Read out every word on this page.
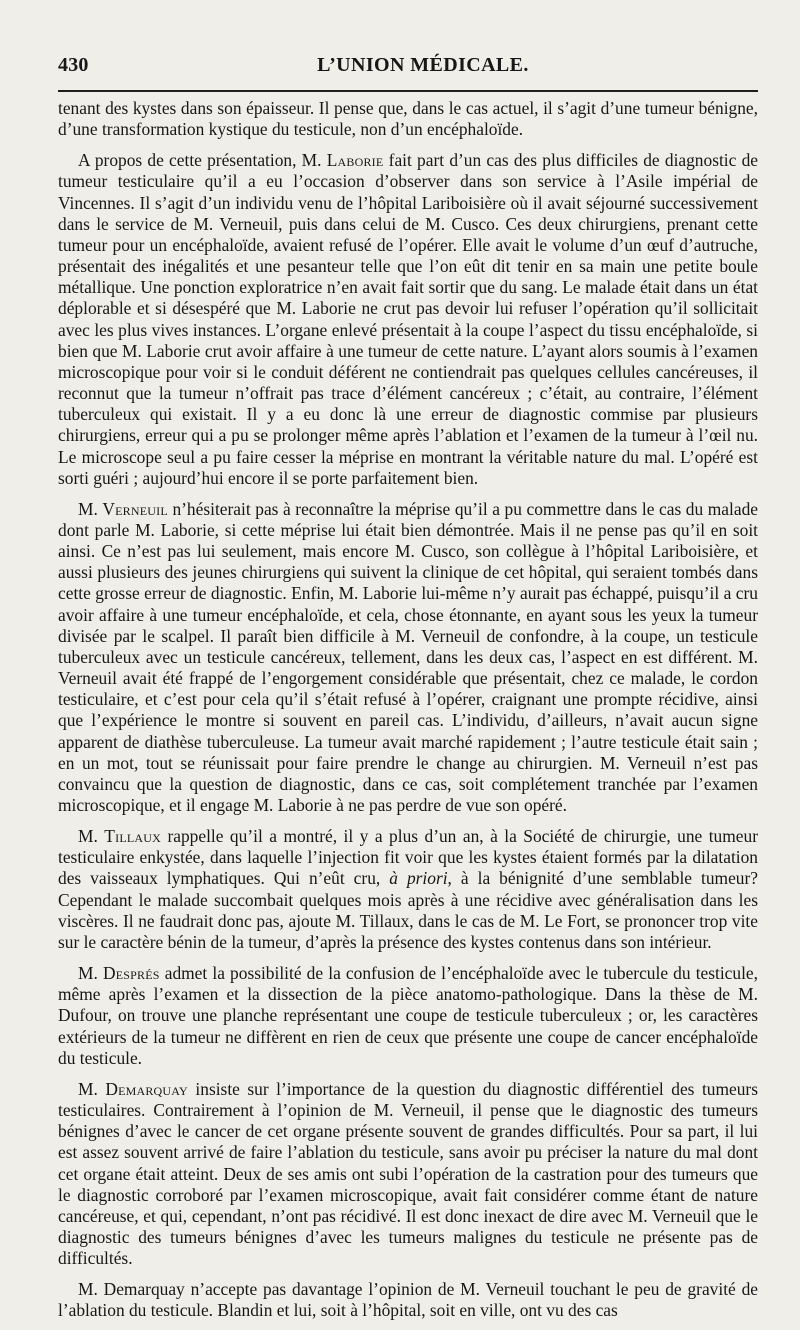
430	L’UNION MÉDICALE.

tenant des kystes dans son épaisseur. Il pense que, dans le cas actuel, il s’agit d’une tumeur bénigne, d’une transformation kystique du testicule, non d’un encéphaloïde.

A propos de cette présentation, M. Laborie fait part d’un cas des plus difficiles de diagnostic de tumeur testiculaire qu’il a eu l’occasion d’observer dans son service à l’Asile impérial de Vincennes. Il s’agit d’un individu venu de l’hôpital Lariboisière où il avait séjourné successivement dans le service de M. Verneuil, puis dans celui de M. Cusco. Ces deux chirurgiens, prenant cette tumeur pour un encéphaloïde, avaient refusé de l’opérer. Elle avait le volume d’un œuf d’autruche, présentait des inégalités et une pesanteur telle que l’on eût dit tenir en sa main une petite boule métallique. Une ponction exploratrice n’en avait fait sortir que du sang. Le malade était dans un état déplorable et si désespéré que M. Laborie ne crut pas devoir lui refuser l’opération qu’il sollicitait avec les plus vives instances. L’organe enlevé présentait à la coupe l’aspect du tissu encéphaloïde, si bien que M. Laborie crut avoir affaire à une tumeur de cette nature. L’ayant alors soumis à l’examen microscopique pour voir si le conduit déférent ne contiendrait pas quelques cellules cancéreuses, il reconnut que la tumeur n’offrait pas trace d’élément cancéreux ; c’était, au contraire, l’élément tuberculeux qui existait. Il y a eu donc là une erreur de diagnostic commise par plusieurs chirurgiens, erreur qui a pu se prolonger même après l’ablation et l’examen de la tumeur à l’œil nu. Le microscope seul a pu faire cesser la méprise en montrant la véritable nature du mal. L’opéré est sorti guéri ; aujourd’hui encore il se porte parfaitement bien.

M. Verneuil n’hésiterait pas à reconnaître la méprise qu’il a pu commettre dans le cas du malade dont parle M. Laborie, si cette méprise lui était bien démontrée. Mais il ne pense pas qu’il en soit ainsi. Ce n’est pas lui seulement, mais encore M. Cusco, son collègue à l’hôpital Lariboisière, et aussi plusieurs des jeunes chirurgiens qui suivent la clinique de cet hôpital, qui seraient tombés dans cette grosse erreur de diagnostic. Enfin, M. Laborie lui-même n’y aurait pas échappé, puisqu’il a cru avoir affaire à une tumeur encéphaloïde, et cela, chose étonnante, en ayant sous les yeux la tumeur divisée par le scalpel. Il paraît bien difficile à M. Verneuil de confondre, à la coupe, un testicule tuberculeux avec un testicule cancéreux, tellement, dans les deux cas, l’aspect en est différent. M. Verneuil avait été frappé de l’engorgement considérable que présentait, chez ce malade, le cordon testiculaire, et c’est pour cela qu’il s’était refusé à l’opérer, craignant une prompte récidive, ainsi que l’expérience le montre si souvent en pareil cas. L’individu, d’ailleurs, n’avait aucun signe apparent de diathèse tuberculeuse. La tumeur avait marché rapidement ; l’autre testicule était sain ; en un mot, tout se réunissait pour faire prendre le change au chirurgien. M. Verneuil n’est pas convaincu que la question de diagnostic, dans ce cas, soit complétement tranchée par l’examen microscopique, et il engage M. Laborie à ne pas perdre de vue son opéré.

M. Tillaux rappelle qu’il a montré, il y a plus d’un an, à la Société de chirurgie, une tumeur testiculaire enkystée, dans laquelle l’injection fit voir que les kystes étaient formés par la dilatation des vaisseaux lymphatiques. Qui n’eût cru, à priori, à la bénignité d’une semblable tumeur? Cependant le malade succombait quelques mois après à une récidive avec généralisation dans les viscères. Il ne faudrait donc pas, ajoute M. Tillaux, dans le cas de M. Le Fort, se prononcer trop vite sur le caractère bénin de la tumeur, d’après la présence des kystes contenus dans son intérieur.

M. Després admet la possibilité de la confusion de l’encéphaloïde avec le tubercule du testicule, même après l’examen et la dissection de la pièce anatomo-pathologique. Dans la thèse de M. Dufour, on trouve une planche représentant une coupe de testicule tuberculeux ; or, les caractères extérieurs de la tumeur ne diffèrent en rien de ceux que présente une coupe de cancer encéphaloïde du testicule.

M. Demarquay insiste sur l’importance de la question du diagnostic différentiel des tumeurs testiculaires. Contrairement à l’opinion de M. Verneuil, il pense que le diagnostic des tumeurs bénignes d’avec le cancer de cet organe présente souvent de grandes difficultés. Pour sa part, il lui est assez souvent arrivé de faire l’ablation du testicule, sans avoir pu préciser la nature du mal dont cet organe était atteint. Deux de ses amis ont subi l’opération de la castration pour des tumeurs que le diagnostic corroboré par l’examen microscopique, avait fait considérer comme étant de nature cancéreuse, et qui, cependant, n’ont pas récidivé. Il est donc inexact de dire avec M. Verneuil que le diagnostic des tumeurs bénignes d’avec les tumeurs malignes du testicule ne présente pas de difficultés.

M. Demarquay n’accepte pas davantage l’opinion de M. Verneuil touchant le peu de gravité de l’ablation du testicule. Blandin et lui, soit à l’hôpital, soit en ville, ont vu des cas
